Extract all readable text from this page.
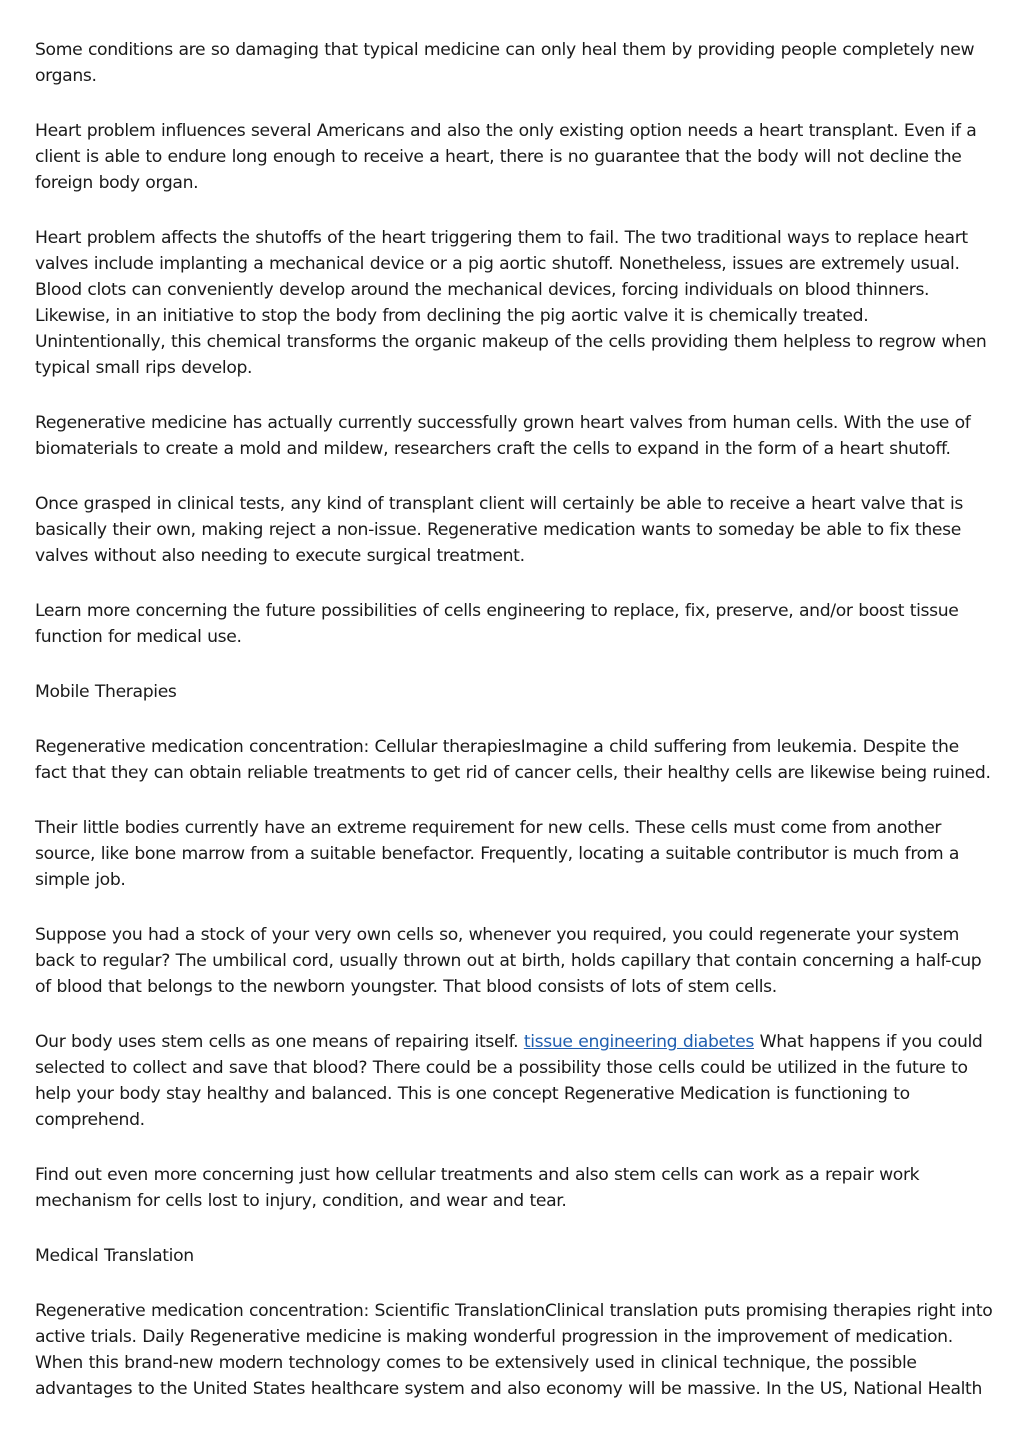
Some conditions are so damaging that typical medicine can only heal them by providing people completely new organs.

Heart problem influences several Americans and also the only existing option needs a heart transplant. Even if a client is able to endure long enough to receive a heart, there is no guarantee that the body will not decline the foreign body organ.

Heart problem affects the shutoffs of the heart triggering them to fail. The two traditional ways to replace heart valves include implanting a mechanical device or a pig aortic shutoff. Nonetheless, issues are extremely usual. Blood clots can conveniently develop around the mechanical devices, forcing individuals on blood thinners. Likewise, in an initiative to stop the body from declining the pig aortic valve it is chemically treated. Unintentionally, this chemical transforms the organic makeup of the cells providing them helpless to regrow when typical small rips develop.

Regenerative medicine has actually currently successfully grown heart valves from human cells. With the use of biomaterials to create a mold and mildew, researchers craft the cells to expand in the form of a heart shutoff.

Once grasped in clinical tests, any kind of transplant client will certainly be able to receive a heart valve that is basically their own, making reject a non-issue. Regenerative medication wants to someday be able to fix these valves without also needing to execute surgical treatment.

Learn more concerning the future possibilities of cells engineering to replace, fix, preserve, and/or boost tissue function for medical use.

Mobile Therapies

Regenerative medication concentration: Cellular therapiesImagine a child suffering from leukemia. Despite the fact that they can obtain reliable treatments to get rid of cancer cells, their healthy cells are likewise being ruined.

Their little bodies currently have an extreme requirement for new cells. These cells must come from another source, like bone marrow from a suitable benefactor. Frequently, locating a suitable contributor is much from a simple job.

Suppose you had a stock of your very own cells so, whenever you required, you could regenerate your system back to regular? The umbilical cord, usually thrown out at birth, holds capillary that contain concerning a half-cup of blood that belongs to the newborn youngster. That blood consists of lots of stem cells.

Our body uses stem cells as one means of repairing itself. tissue engineering diabetes What happens if you could selected to collect and save that blood? There could be a possibility those cells could be utilized in the future to help your body stay healthy and balanced. This is one concept Regenerative Medication is functioning to comprehend.

Find out even more concerning just how cellular treatments and also stem cells can work as a repair work mechanism for cells lost to injury, condition, and wear and tear.

Medical Translation

Regenerative medication concentration: Scientific TranslationClinical translation puts promising therapies right into active trials. Daily Regenerative medicine is making wonderful progression in the improvement of medication. When this brand-new modern technology comes to be extensively used in clinical technique, the possible advantages to the United States healthcare system and also economy will be massive. In the US, National Health
